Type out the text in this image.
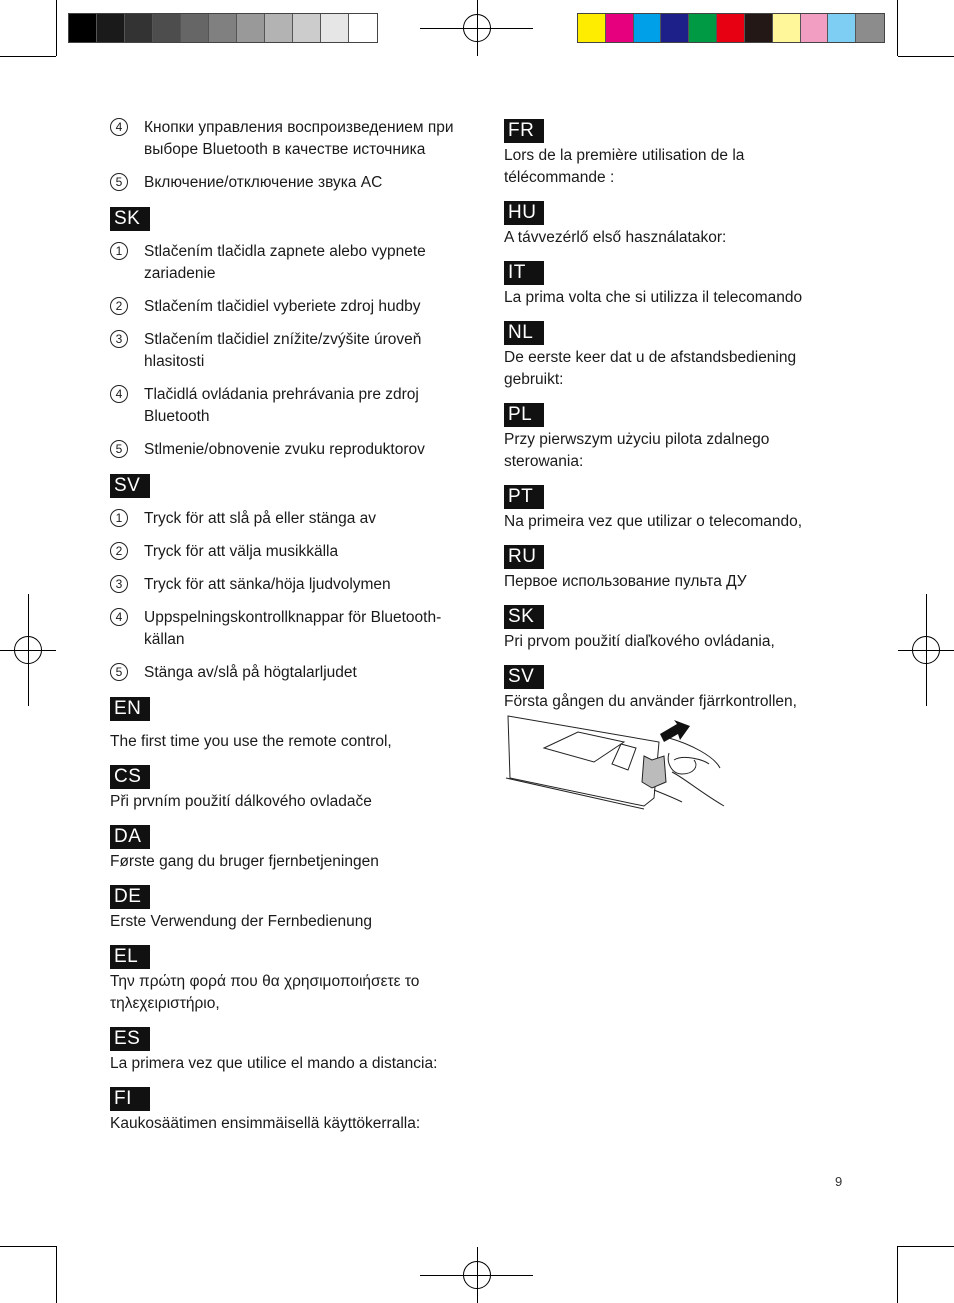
4	Кнопки управления воспроизведением при выборе Bluetooth в качестве источника
5	Включение/отключение звука AC
SK
1	Stlačením tlačidla zapnete alebo vypnete zariadenie
2	Stlačením tlačidiel vyberiete zdroj hudby
3	Stlačením tlačidiel znížite/zvýšite úroveň hlasitosti
4	Tlačidlá ovládania prehrávania pre zdroj Bluetooth
5	Stlmenie/obnovenie zvuku reproduktorov
SV
1	Tryck för att slå på eller stänga av
2	Tryck för att välja musikkälla
3	Tryck för att sänka/höja ljudvolymen
4	Uppspelningskontrollknappar för Bluetooth-källan
5	Stänga av/slå på högtalarljudet
EN
The first time you use the remote control,
CS
Při prvním použití dálkového ovladače
DA
Første gang du bruger fjernbetjeningen
DE
Erste Verwendung der Fernbedienung
EL
Την πρώτη φορά που θα χρησιμοποιήσετε το τηλεχειριστήριο,
ES
La primera vez que utilice el mando a distancia:
FI
Kaukosäätimen ensimmäisellä käyttökerralla:
FR
Lors de la première utilisation de la télécommande :
HU
A távvezérlő első használatakor:
IT
La prima volta che si utilizza il telecomando
NL
De eerste keer dat u de afstandsbediening gebruikt:
PL
Przy pierwszym użyciu pilota zdalnego sterowania:
PT
Na primeira vez que utilizar o telecomando,
RU
Первое использование пульта ДУ
SK
Pri prvom použití diaľkového ovládania,
SV
Första gången du använder fjärrkontrollen,
9
